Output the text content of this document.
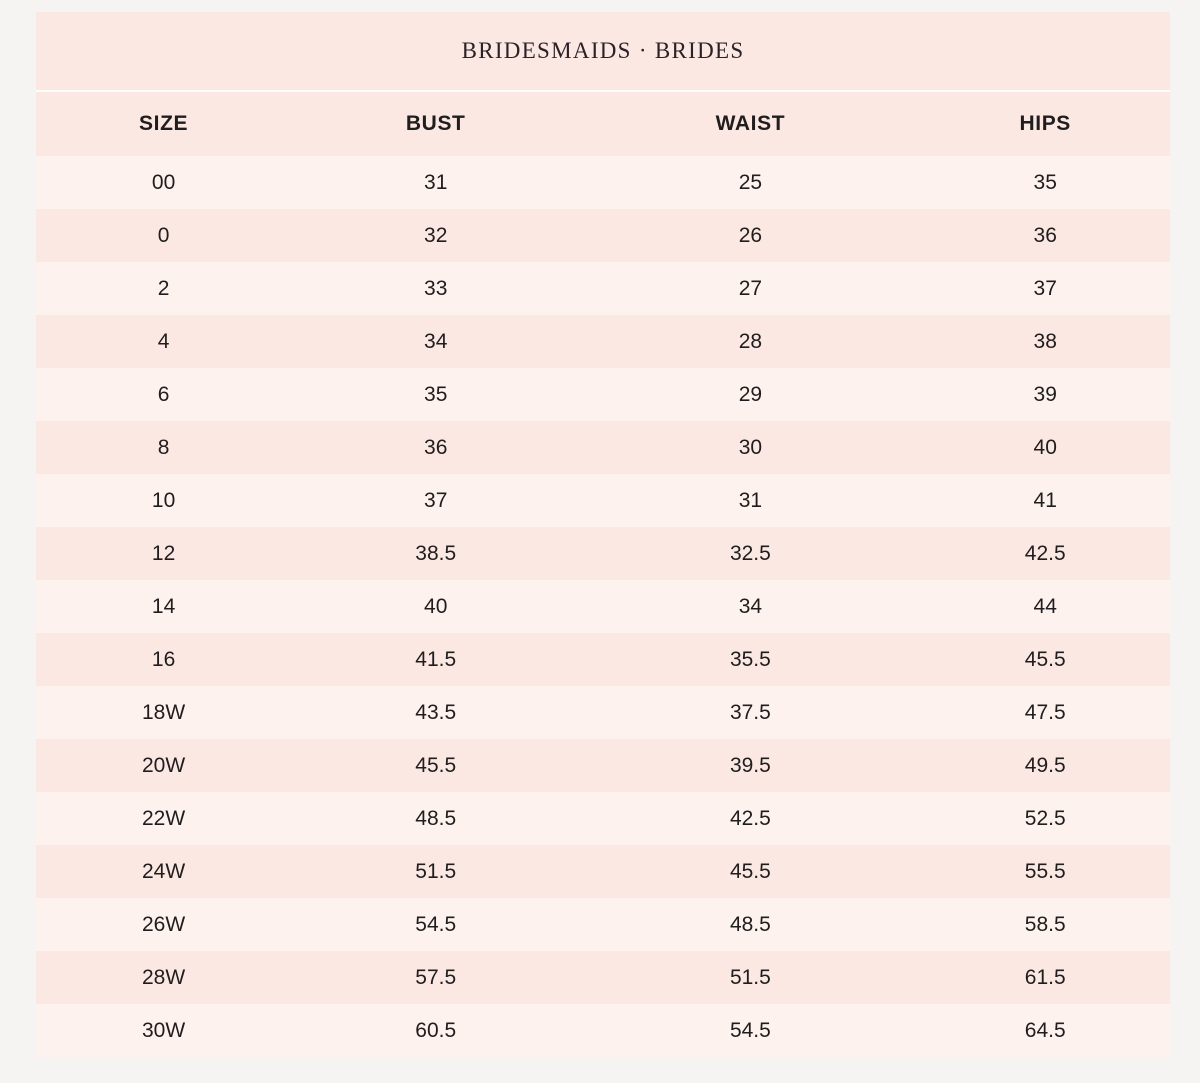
BRIDESMAIDS · BRIDES
SIZE	BUST	WAIST	HIPS
00	31	25	35
0	32	26	36
2	33	27	37
4	34	28	38
6	35	29	39
8	36	30	40
10	37	31	41
12	38.5	32.5	42.5
14	40	34	44
16	41.5	35.5	45.5
18W	43.5	37.5	47.5
20W	45.5	39.5	49.5
22W	48.5	42.5	52.5
24W	51.5	45.5	55.5
26W	54.5	48.5	58.5
28W	57.5	51.5	61.5
30W	60.5	54.5	64.5
